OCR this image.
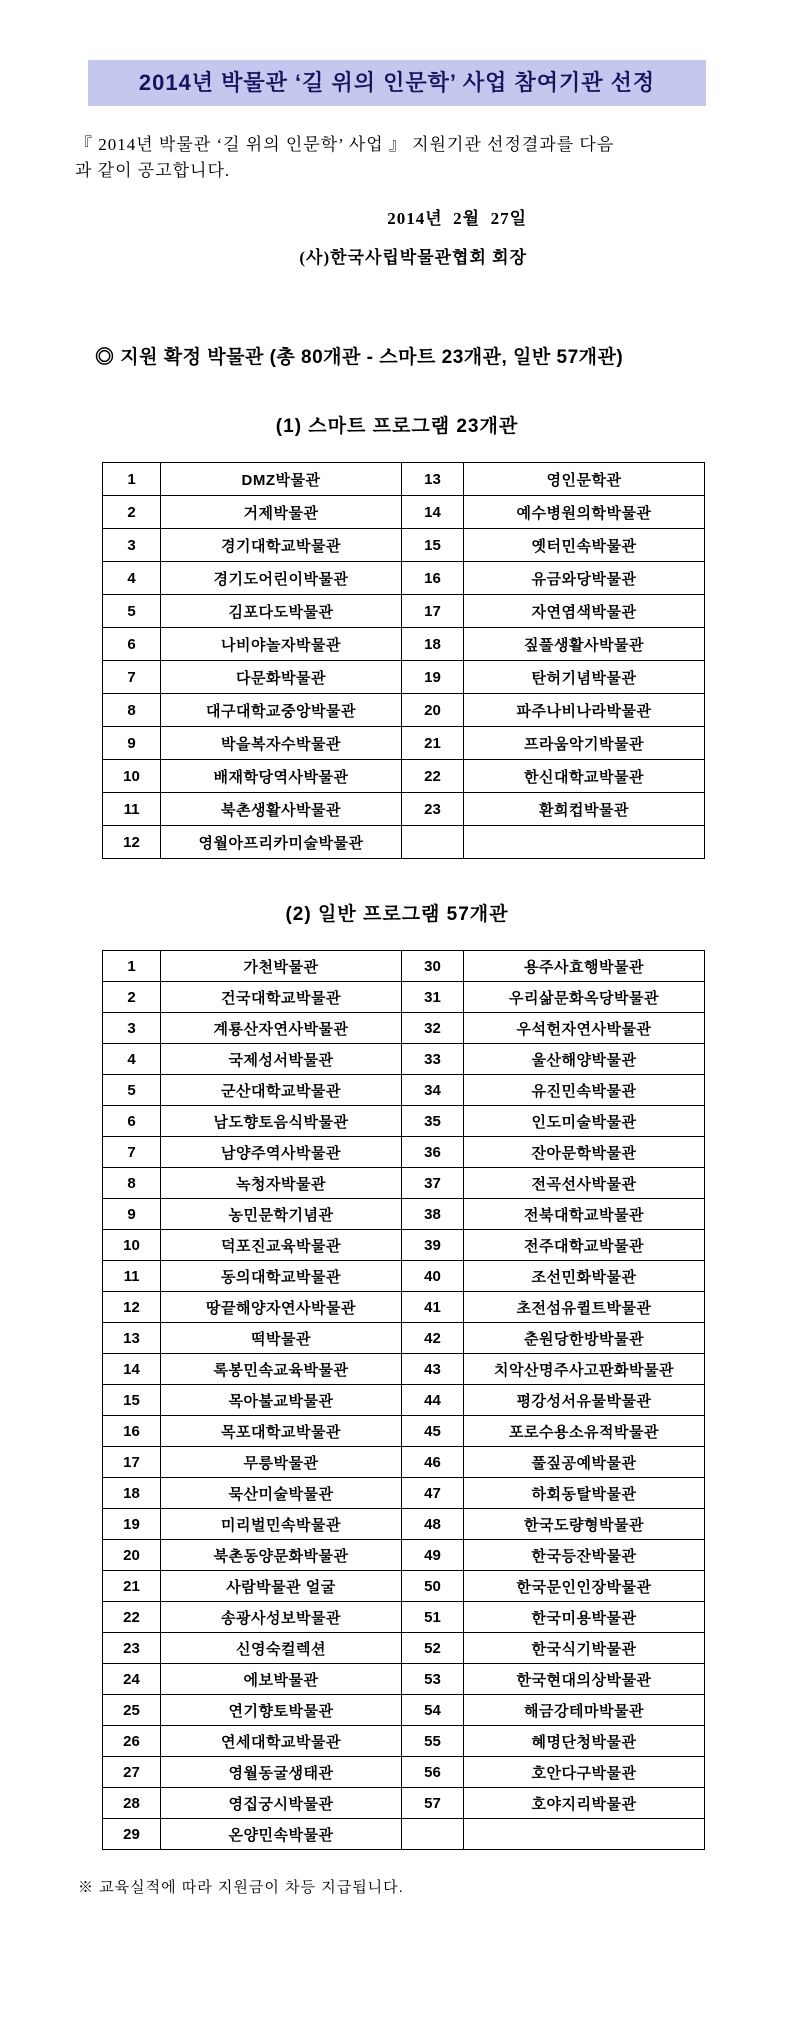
2014년 박물관 ‘길 위의 인문학’ 사업 참여기관 선정
『 2014년 박물관 ‘길 위의 인문학’ 사업 』 지원기관 선정결과를 다음
과 같이 공고합니다.
2014년  2월  27일
(사)한국사립박물관협회 회장
◎ 지원 확정 박물관 (총 80개관 - 스마트 23개관, 일반 57개관)
(1) 스마트 프로그램 23개관
1	DMZ박물관	13	영인문학관
2	거제박물관	14	예수병원의학박물관
3	경기대학교박물관	15	옛터민속박물관
4	경기도어린이박물관	16	유금와당박물관
5	김포다도박물관	17	자연염색박물관
6	나비야놀자박물관	18	짚풀생활사박물관
7	다문화박물관	19	탄허기념박물관
8	대구대학교중앙박물관	20	파주나비나라박물관
9	박을복자수박물관	21	프라움악기박물관
10	배재학당역사박물관	22	한신대학교박물관
11	북촌생활사박물관	23	환희컵박물관
12	영월아프리카미술박물관		
(2) 일반 프로그램 57개관
1	가천박물관	30	용주사효행박물관
2	건국대학교박물관	31	우리삶문화옥당박물관
3	계룡산자연사박물관	32	우석헌자연사박물관
4	국제성서박물관	33	울산해양박물관
5	군산대학교박물관	34	유진민속박물관
6	남도향토음식박물관	35	인도미술박물관
7	남양주역사박물관	36	잔아문학박물관
8	녹청자박물관	37	전곡선사박물관
9	농민문학기념관	38	전북대학교박물관
10	덕포진교육박물관	39	전주대학교박물관
11	동의대학교박물관	40	조선민화박물관
12	땅끝해양자연사박물관	41	초전섬유퀼트박물관
13	떡박물관	42	춘원당한방박물관
14	록봉민속교육박물관	43	치악산명주사고판화박물관
15	목아불교박물관	44	평강성서유물박물관
16	목포대학교박물관	45	포로수용소유적박물관
17	무릉박물관	46	풀짚공예박물관
18	묵산미술박물관	47	하회동탈박물관
19	미리벌민속박물관	48	한국도량형박물관
20	북촌동양문화박물관	49	한국등잔박물관
21	사람박물관 얼굴	50	한국문인인장박물관
22	송광사성보박물관	51	한국미용박물관
23	신영숙컬렉션	52	한국식기박물관
24	에보박물관	53	한국현대의상박물관
25	연기향토박물관	54	해금강테마박물관
26	연세대학교박물관	55	혜명단청박물관
27	영월동굴생태관	56	호안다구박물관
28	영집궁시박물관	57	호야지리박물관
29	온양민속박물관		
※ 교육실적에 따라 지원금이 차등 지급됩니다.
